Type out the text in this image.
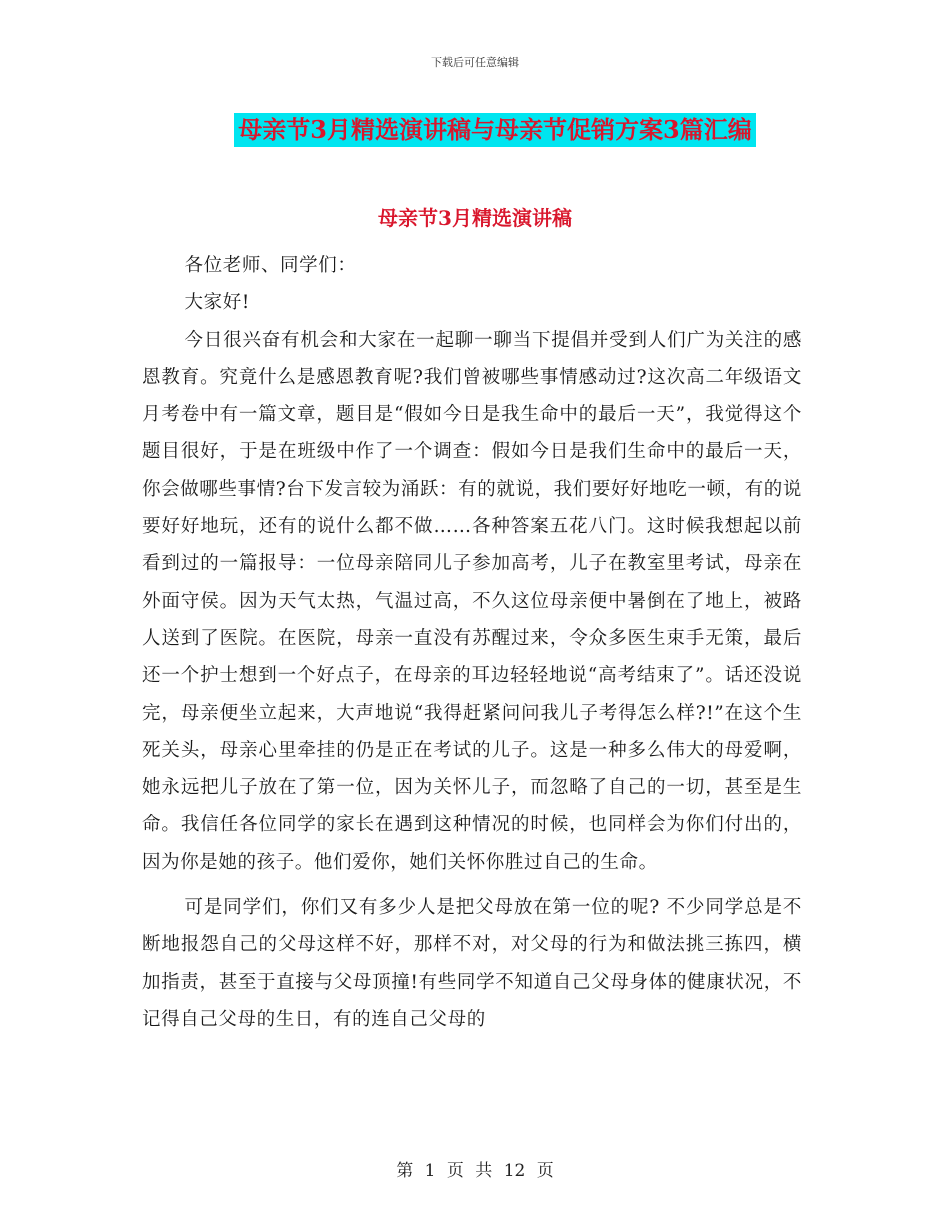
下载后可任意编辑
母亲节3月精选演讲稿与母亲节促销方案3篇汇编
母亲节3月精选演讲稿

各位老师、同学们：

大家好!

今日很兴奋有机会和大家在一起聊一聊当下提倡并受到人们广为关注的感恩教育。究竟什么是感恩教育呢?我们曾被哪些事情感动过?这次高二年级语文月考卷中有一篇文章，题目是“假如今日是我生命中的最后一天”，我觉得这个题目很好，于是在班级中作了一个调查：假如今日是我们生命中的最后一天，你会做哪些事情?台下发言较为涌跃：有的就说，我们要好好地吃一顿，有的说要好好地玩，还有的说什么都不做……各种答案五花八门。这时候我想起以前看到过的一篇报导：一位母亲陪同儿子参加高考，儿子在教室里考试，母亲在外面守侯。因为天气太热，气温过高，不久这位母亲便中暑倒在了地上，被路人送到了医院。在医院，母亲一直没有苏醒过来，令众多医生束手无策，最后还一个护士想到一个好点子，在母亲的耳边轻轻地说“高考结束了”。话还没说完，母亲便坐立起来，大声地说“我得赶紧问问我儿子考得怎么样?!”在这个生死关头，母亲心里牵挂的仍是正在考试的儿子。这是一种多么伟大的母爱啊，她永远把儿子放在了第一位，因为关怀儿子，而忽略了自己的一切，甚至是生命。我信任各位同学的家长在遇到这种情况的时候，也同样会为你们付出的，因为你是她的孩子。他们爱你，她们关怀你胜过自己的生命。

可是同学们，你们又有多少人是把父母放在第一位的呢? 不少同学总是不断地报怨自己的父母这样不好，那样不对，对父母的行为和做法挑三拣四，横加指责，甚至于直接与父母顶撞!有些同学不知道自己父母身体的健康状况，不记得自己父母的生日，有的连自己父母的

第 1 页 共 12 页
